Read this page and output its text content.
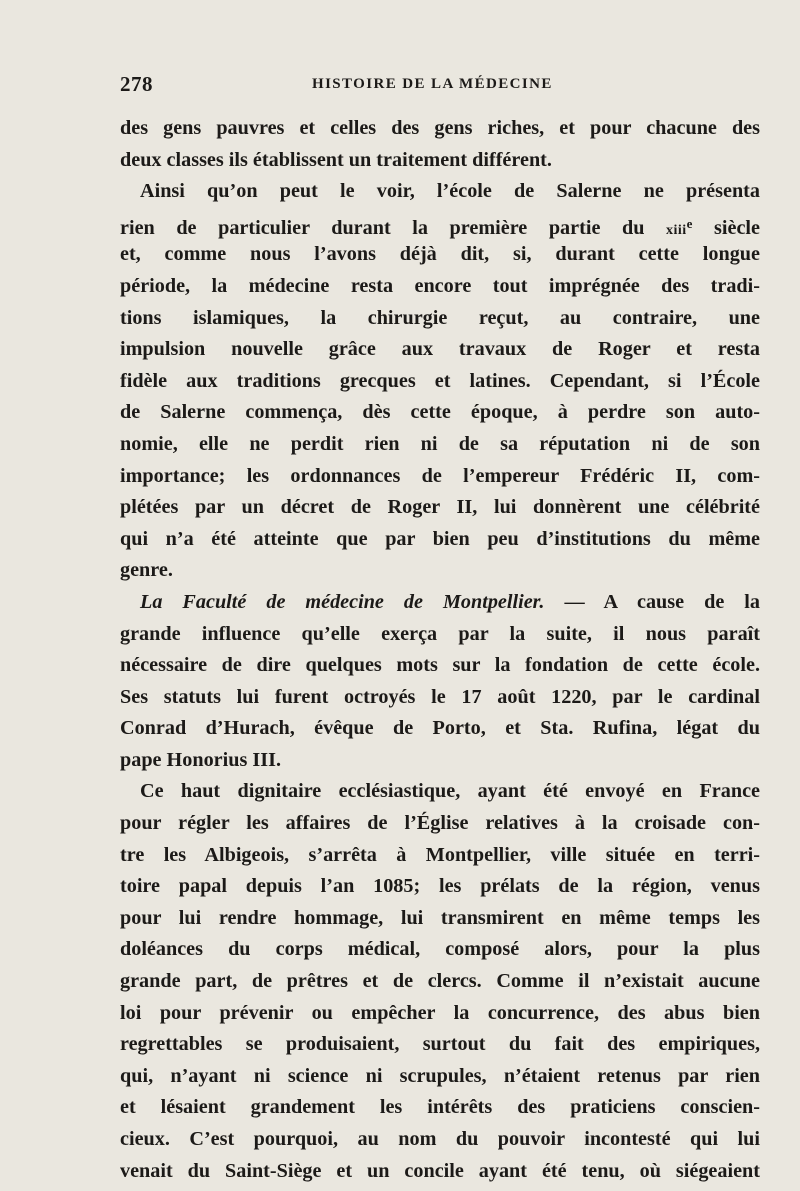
278	HISTOIRE DE LA MÉDECINE
des gens pauvres et celles des gens riches, et pour chacune des
deux classes ils établissent un traitement différent.
Ainsi qu’on peut le voir, l’école de Salerne ne présenta
rien de particulier durant la première partie du xiii$^e$ siècle
et, comme nous l’avons déjà dit, si, durant cette longue
période, la médecine resta encore tout imprégnée des tradi-
tions islamiques, la chirurgie reçut, au contraire, une
impulsion nouvelle grâce aux travaux de Roger et resta
fidèle aux traditions grecques et latines. Cependant, si l’École
de Salerne commença, dès cette époque, à perdre son auto-
nomie, elle ne perdit rien ni de sa réputation ni de son
importance; les ordonnances de l’empereur Frédéric II, com-
plétées par un décret de Roger II, lui donnèrent une célébrité
qui n’a été atteinte que par bien peu d’institutions du même
genre.
La Faculté de médecine de Montpellier. — A cause de la
grande influence qu’elle exerça par la suite, il nous paraît
nécessaire de dire quelques mots sur la fondation de cette école.
Ses statuts lui furent octroyés le 17 août 1220, par le cardinal
Conrad d’Hurach, évêque de Porto, et Sta. Rufina, légat du
pape Honorius III.
Ce haut dignitaire ecclésiastique, ayant été envoyé en France
pour régler les affaires de l’Église relatives à la croisade con-
tre les Albigeois, s’arrêta à Montpellier, ville située en terri-
toire papal depuis l’an 1085; les prélats de la région, venus
pour lui rendre hommage, lui transmirent en même temps les
doléances du corps médical, composé alors, pour la plus
grande part, de prêtres et de clercs. Comme il n’existait aucune
loi pour prévenir ou empêcher la concurrence, des abus bien
regrettables se produisaient, surtout du fait des empiriques,
qui, n’ayant ni science ni scrupules, n’étaient retenus par rien
et lésaient grandement les intérêts des praticiens conscien-
cieux. C’est pourquoi, au nom du pouvoir incontesté qui lui
venait du Saint-Siège et un concile ayant été tenu, où siégeaient
